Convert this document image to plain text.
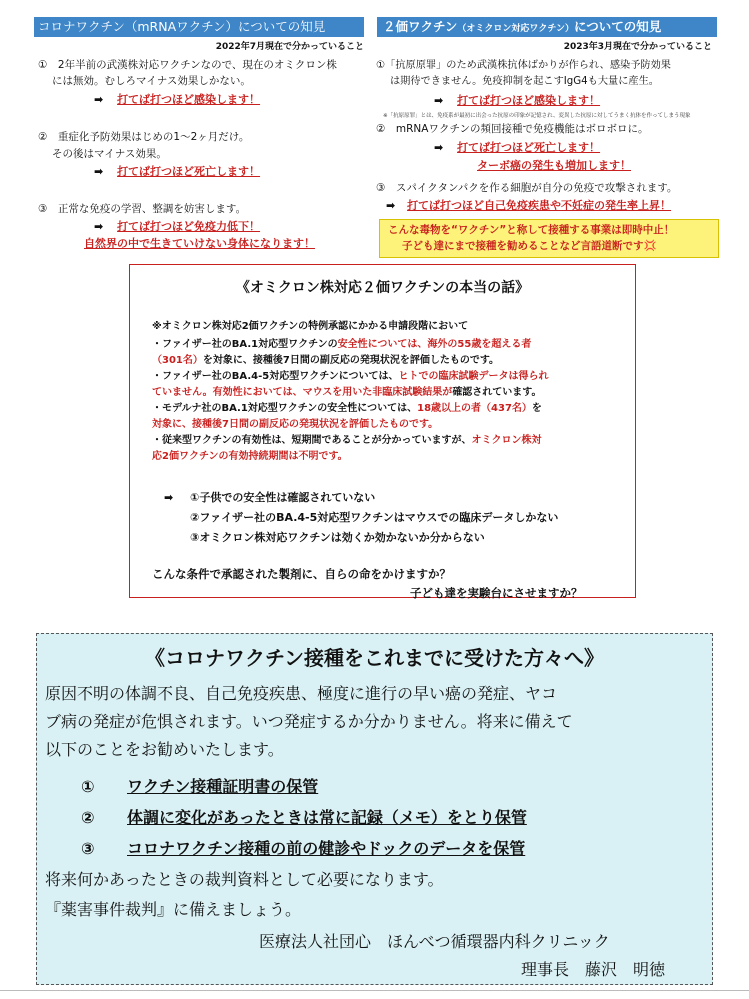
コロナワクチン（mRNAワクチン）についての知見
2022年7月現在で分かっていること
①　2年半前の武漢株対応ワクチンなので、現在のオミクロン株
には無効。むしろマイナス効果しかない。
➡ 打てば打つほど感染します！
②　重症化予防効果はじめの1～2ヶ月だけ。
その後はマイナス効果。
➡ 打てば打つほど死亡します！
③　正常な免疫の学習、整調を妨害します。
➡ 打てば打つほど免疫力低下！
自然界の中で生きていけない身体になります！
２価ワクチン（オミクロン対応ワクチン）についての知見
2023年3月現在で分かっていること
①「抗原原罪」のため武漢株抗体ばかりが作られ、感染予防効果
は期待できません。免疫抑制を起こすIgG4も大量に産生。
➡ 打てば打つほど感染します！
※「抗原原罪」とは、免疫系が最初に出会った抗原の印象が記憶され、変異した抗原に対してうまく抗体を作ってしまう現象
②　mRNAワクチンの頻回接種で免疫機能はボロボロに。
➡ 打てば打つほど死亡します！
ターボ癌の発生も増加します！
③　スパイクタンパクを作る細胞が自分の免疫で攻撃されます。
➡ 打てば打つほど自己免疫疾患や不妊症の発生率上昇！
こんな毒物を“ワクチン”と称して接種する事業は即時中止！
子ども達にまで接種を勧めることなど言語道断です💢
《オミクロン株対応２価ワクチンの本当の話》
※オミクロン株対応2価ワクチンの特例承認にかかる申請段階において
・ファイザー社のBA.1対応型ワクチンの安全性については、海外の55歳を超える者
（301名）を対象に、接種後7日間の副反応の発現状況を評価したものです。
・ファイザー社のBA.4-5対応型ワクチンについては、ヒトでの臨床試験データは得られ
ていません。有効性においては、マウスを用いた非臨床試験結果が確認されています。
・モデルナ社のBA.1対応型ワクチンの安全性については、18歳以上の者（437名）を
対象に、接種後7日間の副反応の発現状況を評価したものです。
・従来型ワクチンの有効性は、短期間であることが分かっていますが、オミクロン株対
応2価ワクチンの有効持続期間は不明です。
➡ ①子供での安全性は確認されていない
②ファイザー社のBA.4-5対応型ワクチンはマウスでの臨床データしかない
③オミクロン株対応ワクチンは効くか効かないか分からない
こんな条件で承認された製剤に、自らの命をかけますか？
子ども達を実験台にさせますか？
《コロナワクチン接種をこれまでに受けた方々へ》
原因不明の体調不良、自己免疫疾患、極度に進行の早い癌の発症、ヤコ
ブ病の発症が危惧されます。いつ発症するか分かりません。将来に備えて
以下のことをお勧めいたします。
① ワクチン接種証明書の保管
② 体調に変化があったときは常に記録（メモ）をとり保管
③ コロナワクチン接種の前の健診やドックのデータを保管
将来何かあったときの裁判資料として必要になります。
『薬害事件裁判』に備えましょう。
医療法人社団心　ほんべつ循環器内科クリニック
理事長　藤沢　明徳
